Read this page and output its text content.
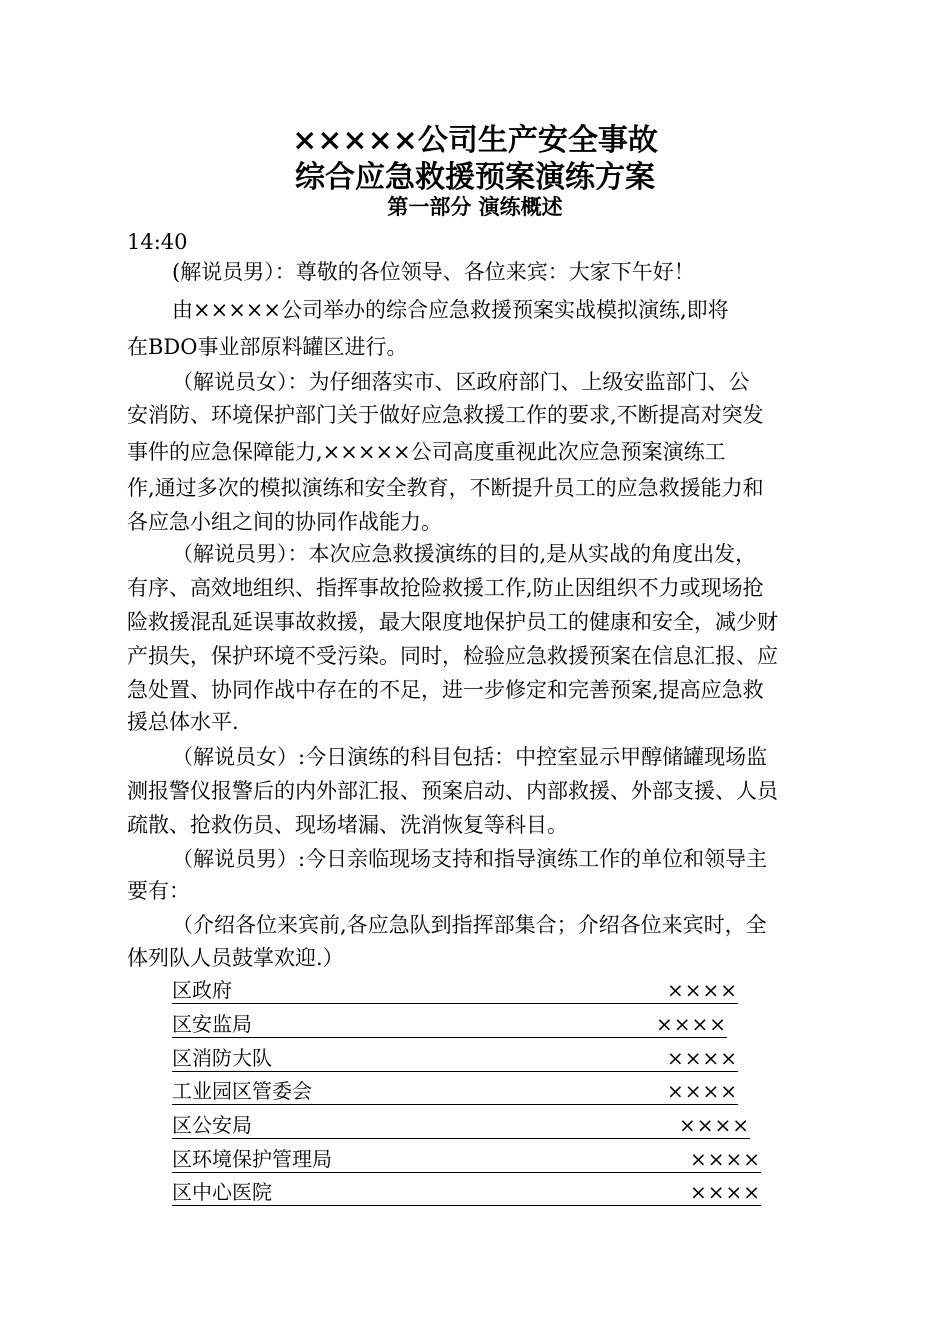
×××××公司生产安全事故
综合应急救援预案演练方案
第一部分 演练概述
14:40
(解说员男）：尊敬的各位领导、各位来宾：大家下午好！
由×××××公司举办的综合应急救援预案实战模拟演练,即将
在BDO事业部原料罐区进行。
（解说员女）：为仔细落实市、区政府部门、上级安监部门、公
安消防、环境保护部门关于做好应急救援工作的要求,不断提高对突发
事件的应急保障能力,×××××公司高度重视此次应急预案演练工
作,通过多次的模拟演练和安全教育，不断提升员工的应急救援能力和
各应急小组之间的协同作战能力。
（解说员男）：本次应急救援演练的目的,是从实战的角度出发，
有序、高效地组织、指挥事故抢险救援工作,防止因组织不力或现场抢
险救援混乱延误事故救援，最大限度地保护员工的健康和安全，减少财
产损失，保护环境不受污染。同时，检验应急救援预案在信息汇报、应
急处置、协同作战中存在的不足，进一步修定和完善预案,提高应急救
援总体水平.
（解说员女）:今日演练的科目包括：中控室显示甲醇储罐现场监
测报警仪报警后的内外部汇报、预案启动、内部救援、外部支援、人员
疏散、抢救伤员、现场堵漏、洗消恢复等科目。
（解说员男）:今日亲临现场支持和指导演练工作的单位和领导主
要有：
（介绍各位来宾前,各应急队到指挥部集合；介绍各位来宾时，全
体列队人员鼓掌欢迎.）
区政府	××××
区安监局	××××
区消防大队	××××
工业园区管委会	××××
区公安局	××××
区环境保护管理局	××××
区中心医院	××××
